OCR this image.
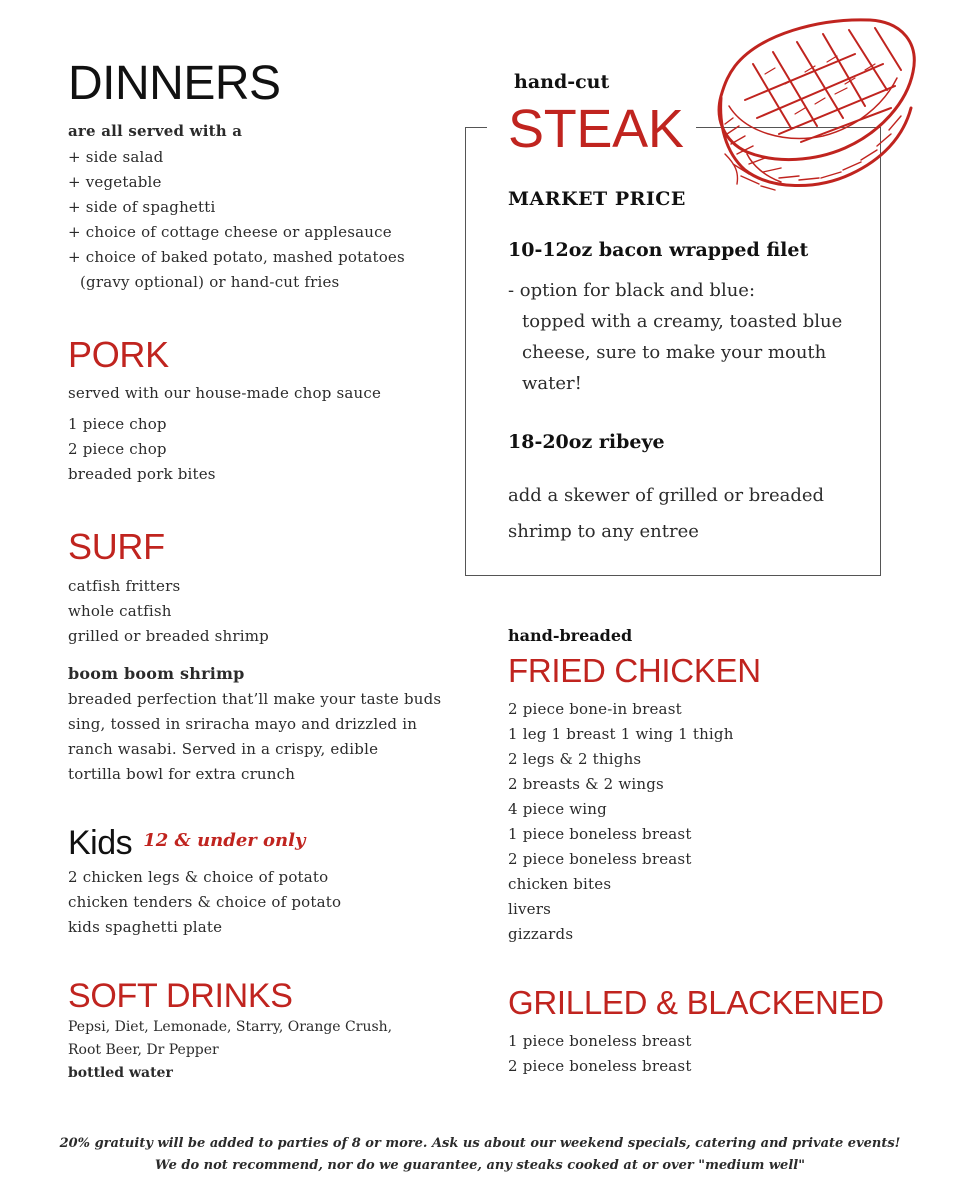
DINNERS
are all served with a
+ side salad
+ vegetable
+ side of spaghetti
+ choice of cottage cheese or applesauce
+ choice of baked potato, mashed potatoes
(gravy optional) or hand-cut fries
PORK
served with our house-made chop sauce
1 piece chop
2 piece chop
breaded pork bites
SURF
catfish fritters
whole catfish
grilled or breaded shrimp
boom boom shrimp
breaded perfection that’ll make your taste buds
sing, tossed in sriracha mayo and drizzled in
ranch wasabi. Served in a crispy, edible
tortilla bowl for extra crunch
Kids 12 & under only
2 chicken legs & choice of potato
chicken tenders & choice of potato
kids spaghetti plate
SOFT DRINKS
Pepsi, Diet, Lemonade, Starry, Orange Crush,
Root Beer, Dr Pepper
bottled water
hand-cut
STEAK
MARKET PRICE
10-12oz bacon wrapped filet
- option for black and blue:
topped with a creamy, toasted blue
cheese, sure to make your mouth
water!
18-20oz ribeye
add a skewer of grilled or breaded
shrimp to any entree
hand-breaded
FRIED CHICKEN
2 piece bone-in breast
1 leg 1 breast 1 wing 1 thigh
2 legs & 2 thighs
2 breasts & 2 wings
4 piece wing
1 piece boneless breast
2 piece boneless breast
chicken bites
livers
gizzards
GRILLED & BLACKENED
1 piece boneless breast
2 piece boneless breast
20% gratuity will be added to parties of 8 or more. Ask us about our weekend specials, catering and private events!
We do not recommend, nor do we guarantee, any steaks cooked at or over "medium well"
